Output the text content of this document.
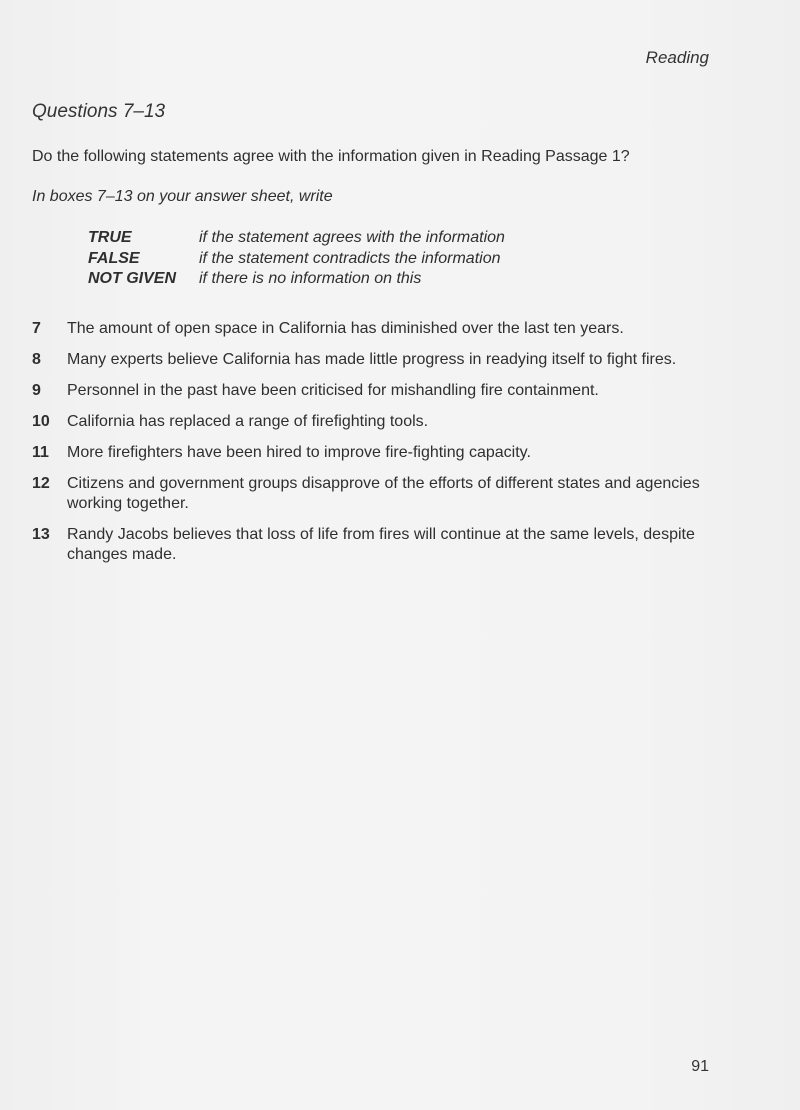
Reading
Questions 7–13
Do the following statements agree with the information given in Reading Passage 1?
In boxes 7–13 on your answer sheet, write
TRUE	if the statement agrees with the information
FALSE	if the statement contradicts the information
NOT GIVEN	if there is no information on this
7	The amount of open space in California has diminished over the last ten years.
8	Many experts believe California has made little progress in readying itself to fight fires.
9	Personnel in the past have been criticised for mishandling fire containment.
10	California has replaced a range of firefighting tools.
11	More firefighters have been hired to improve fire-fighting capacity.
12	Citizens and government groups disapprove of the efforts of different states and agencies working together.
13	Randy Jacobs believes that loss of life from fires will continue at the same levels, despite changes made.
91
